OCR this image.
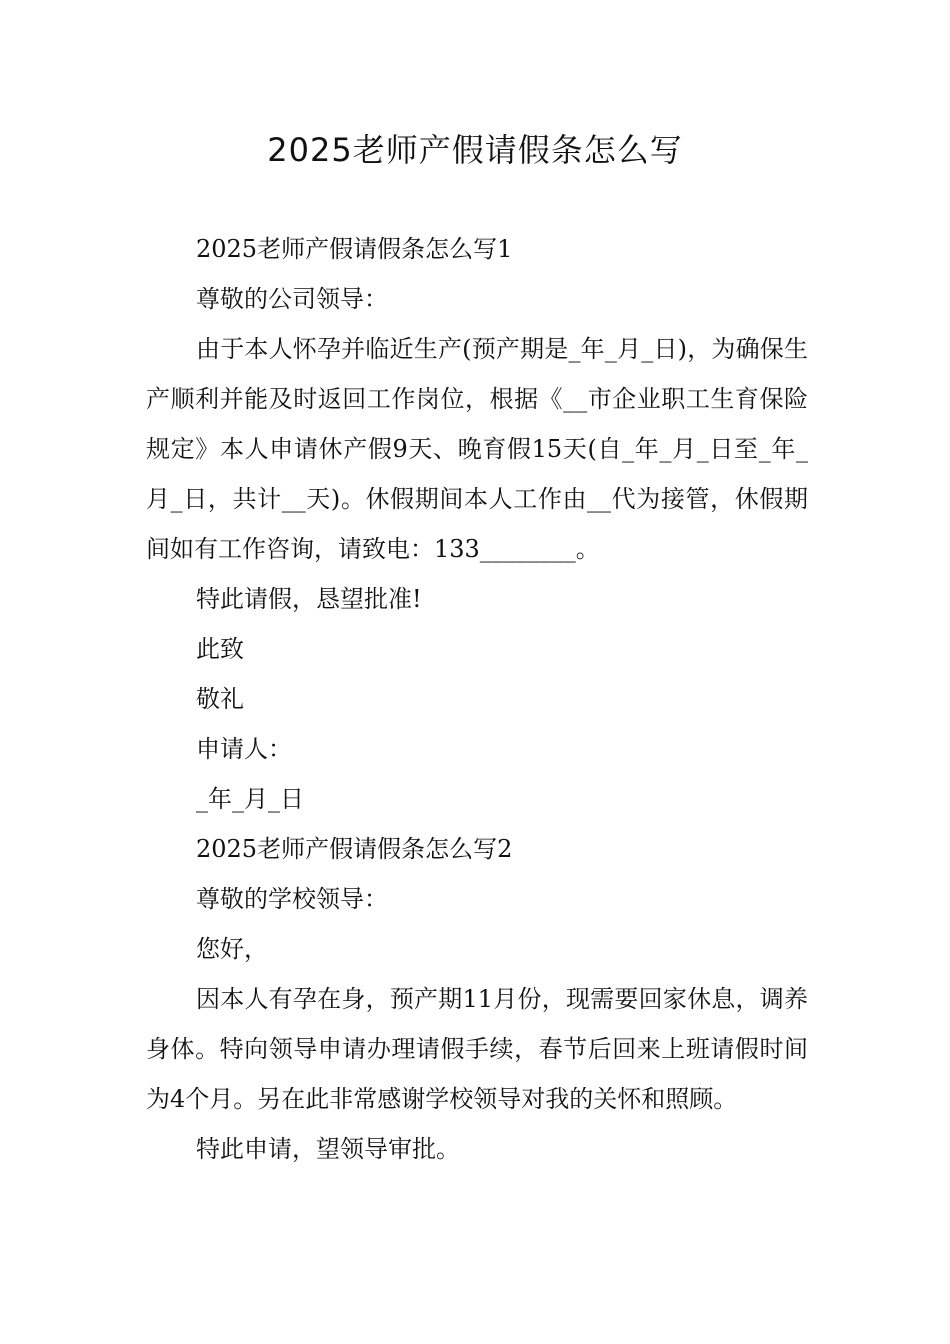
2025老师产假请假条怎么写

2025老师产假请假条怎么写1

尊敬的公司领导：

由于本人怀孕并临近生产(预产期是_年_月_日)，为确保生产顺利并能及时返回工作岗位，根据《__市企业职工生育保险规定》本人申请休产假9天、晚育假15天(自_年_月_日至_年_月_日，共计__天)。休假期间本人工作由__代为接管，休假期间如有工作咨询，请致电：133________。

特此请假，恳望批准!

此致

敬礼

申请人：

_年_月_日

2025老师产假请假条怎么写2

尊敬的学校领导：

您好，

因本人有孕在身，预产期11月份，现需要回家休息，调养身体。特向领导申请办理请假手续，春节后回来上班请假时间为4个月。另在此非常感谢学校领导对我的关怀和照顾。

特此申请，望领导审批。
